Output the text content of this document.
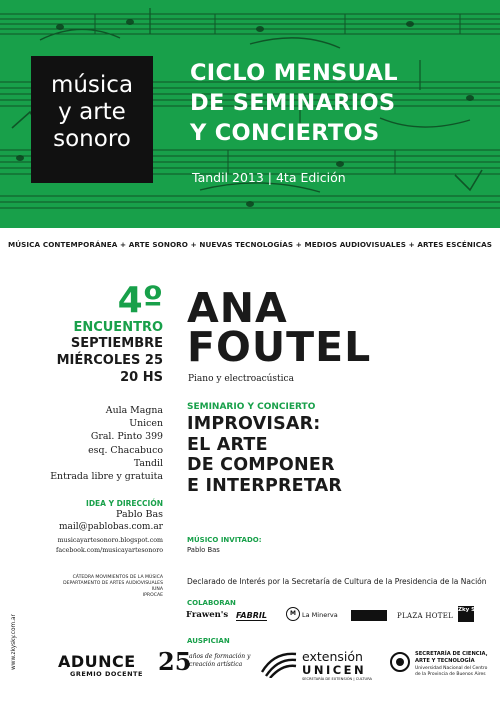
música
y arte
sonoro
CICLO MENSUAL
DE SEMINARIOS
Y CONCIERTOS
Tandil 2013 | 4ta Edición
MÚSICA CONTEMPORÁNEA + ARTE SONORO + NUEVAS TECNOLOGÍAS + MEDIOS AUDIOVISUALES + ARTES ESCÉNICAS
4º
ENCUENTRO
SEPTIEMBRE
MIÉRCOLES 25
20 HS
Aula Magna
Unicen
Gral. Pinto 399
esq. Chacabuco
Tandil
Entrada libre y gratuita
IDEA Y DIRECCIÓN
Pablo Bas
mail@pablobas.com.ar
musicayartesonoro.blogspot.com
facebook.com/musicayartesonoro
ANA
FOUTEL
Piano y electroacústica
SEMINARIO Y CONCIERTO
IMPROVISAR:
EL ARTE
DE COMPONER
E INTERPRETAR
MÚSICO INVITADO:
Pablo Bas
CÁTEDRA MOVIMIENTOS DE LA MÚSICA
DEPARTAMENTO DE ARTES AUDIOVISUALES
IUNA
IPROCAE
Declarado de Interés por la Secretaría de Cultura de la Presidencia de la Nación
COLABORAN
Frawen's FABRIL	M La Minerva	PLAZA HOTEL
Zky Sky
AUSPICIAN
ADUNCE
GREMIO DOCENTE 25
años de formación y
creación artística
extensión
UNICEN
SECRETARÍA DE EXTENSIÓN | CULTURA
SECRETARÍA DE CIENCIA,
ARTE Y TECNOLOGÍA
Universidad Nacional del Centro
de la Provincia de Buenos Aires
www.zkysky.com.ar
